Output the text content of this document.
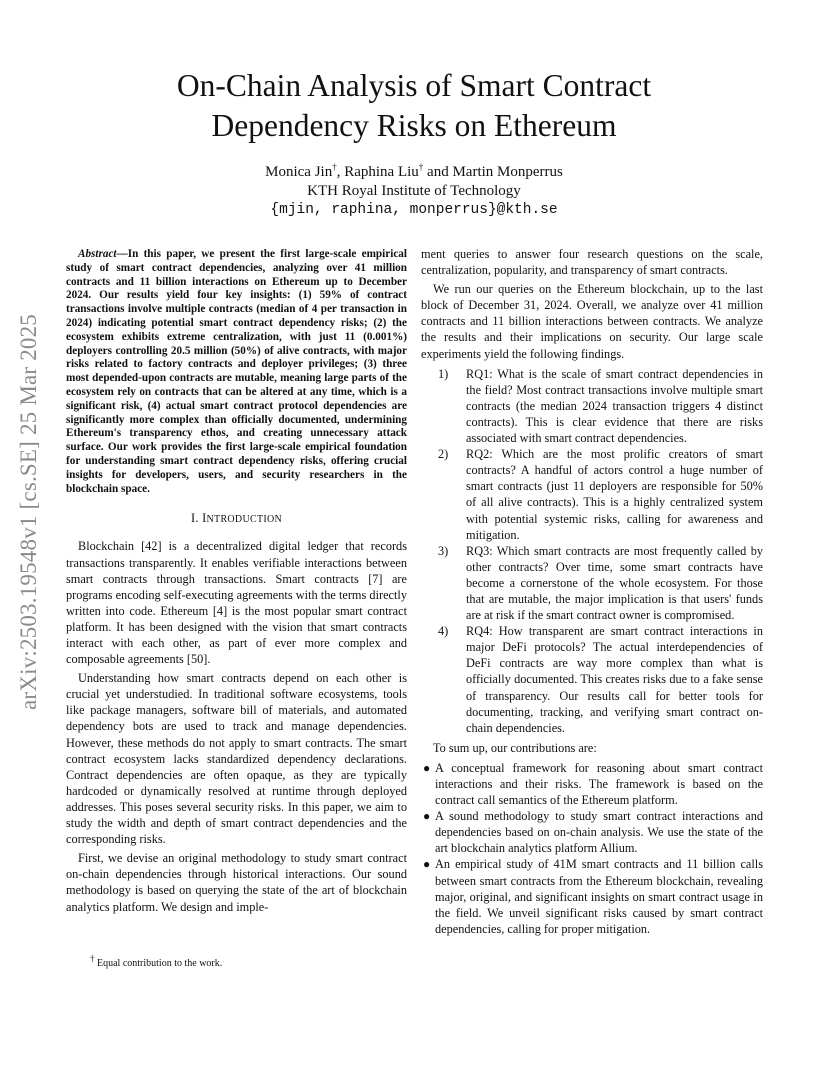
arXiv:2503.19548v1 [cs.SE] 25 Mar 2025
On-Chain Analysis of Smart Contract
Dependency Risks on Ethereum
Monica Jin†, Raphina Liu† and Martin Monperrus
KTH Royal Institute of Technology
{mjin, raphina, monperrus}@kth.se

Abstract—In this paper, we present the first large-scale empirical study of smart contract dependencies, analyzing over 41 million contracts and 11 billion interactions on Ethereum up to December 2024. Our results yield four key insights: (1) 59% of contract transactions involve multiple contracts (median of 4 per transaction in 2024) indicating potential smart contract dependency risks; (2) the ecosystem exhibits extreme centralization, with just 11 (0.001%) deployers controlling 20.5 million (50%) of alive contracts, with major risks related to factory contracts and deployer privileges; (3) three most depended-upon contracts are mutable, meaning large parts of the ecosystem rely on contracts that can be altered at any time, which is a significant risk, (4) actual smart contract protocol dependencies are significantly more complex than officially documented, undermining Ethereum's transparency ethos, and creating unnecessary attack surface. Our work provides the first large-scale empirical foundation for understanding smart contract dependency risks, offering crucial insights for developers, users, and security researchers in the blockchain space.

I. INTRODUCTION

Blockchain [42] is a decentralized digital ledger that records transactions transparently. It enables verifiable interactions between smart contracts through transactions. Smart contracts [7] are programs encoding self-executing agreements with the terms directly written into code. Ethereum [4] is the most popular smart contract platform. It has been designed with the vision that smart contracts interact with each other, as part of ever more complex and composable agreements [50].

Understanding how smart contracts depend on each other is crucial yet understudied. In traditional software ecosystems, tools like package managers, software bill of materials, and automated dependency bots are used to track and manage dependencies. However, these methods do not apply to smart contracts. The smart contract ecosystem lacks standardized dependency declarations. Contract dependencies are often opaque, as they are typically hardcoded or dynamically resolved at runtime through deployed addresses. This poses several security risks. In this paper, we aim to study the width and depth of smart contract dependencies and the corresponding risks.

First, we devise an original methodology to study smart contract on-chain dependencies through historical interactions. Our sound methodology is based on querying the state of the art of blockchain analytics platform. We design and imple-

ment queries to answer four research questions on the scale, centralization, popularity, and transparency of smart contracts.

We run our queries on the Ethereum blockchain, up to the last block of December 31, 2024. Overall, we analyze over 41 million contracts and 11 billion interactions between contracts. We analyze the results and their implications on security. Our large scale experiments yield the following findings.

1) RQ1: What is the scale of smart contract dependencies in the field? Most contract transactions involve multiple smart contracts (the median 2024 transaction triggers 4 distinct contracts). This is clear evidence that there are risks associated with smart contract dependencies.
2) RQ2: Which are the most prolific creators of smart contracts? A handful of actors control a huge number of smart contracts (just 11 deployers are responsible for 50% of all alive contracts). This is a highly centralized system with potential systemic risks, calling for awareness and mitigation.
3) RQ3: Which smart contracts are most frequently called by other contracts? Over time, some smart contracts have become a cornerstone of the whole ecosystem. For those that are mutable, the major implication is that users' funds are at risk if the smart contract owner is compromised.
4) RQ4: How transparent are smart contract interactions in major DeFi protocols? The actual interdependencies of DeFi contracts are way more complex than what is officially documented. This creates risks due to a fake sense of transparency. Our results call for better tools for documenting, tracking, and verifying smart contract on-chain dependencies.

To sum up, our contributions are:

● A conceptual framework for reasoning about smart contract interactions and their risks. The framework is based on the contract call semantics of the Ethereum platform.
● A sound methodology to study smart contract interactions and dependencies based on on-chain analysis. We use the state of the art blockchain analytics platform Allium.
● An empirical study of 41M smart contracts and 11 billion calls between smart contracts from the Ethereum blockchain, revealing major, original, and significant insights on smart contract usage in the field. We unveil significant risks caused by smart contract dependencies, calling for proper mitigation.
† Equal contribution to the work.
